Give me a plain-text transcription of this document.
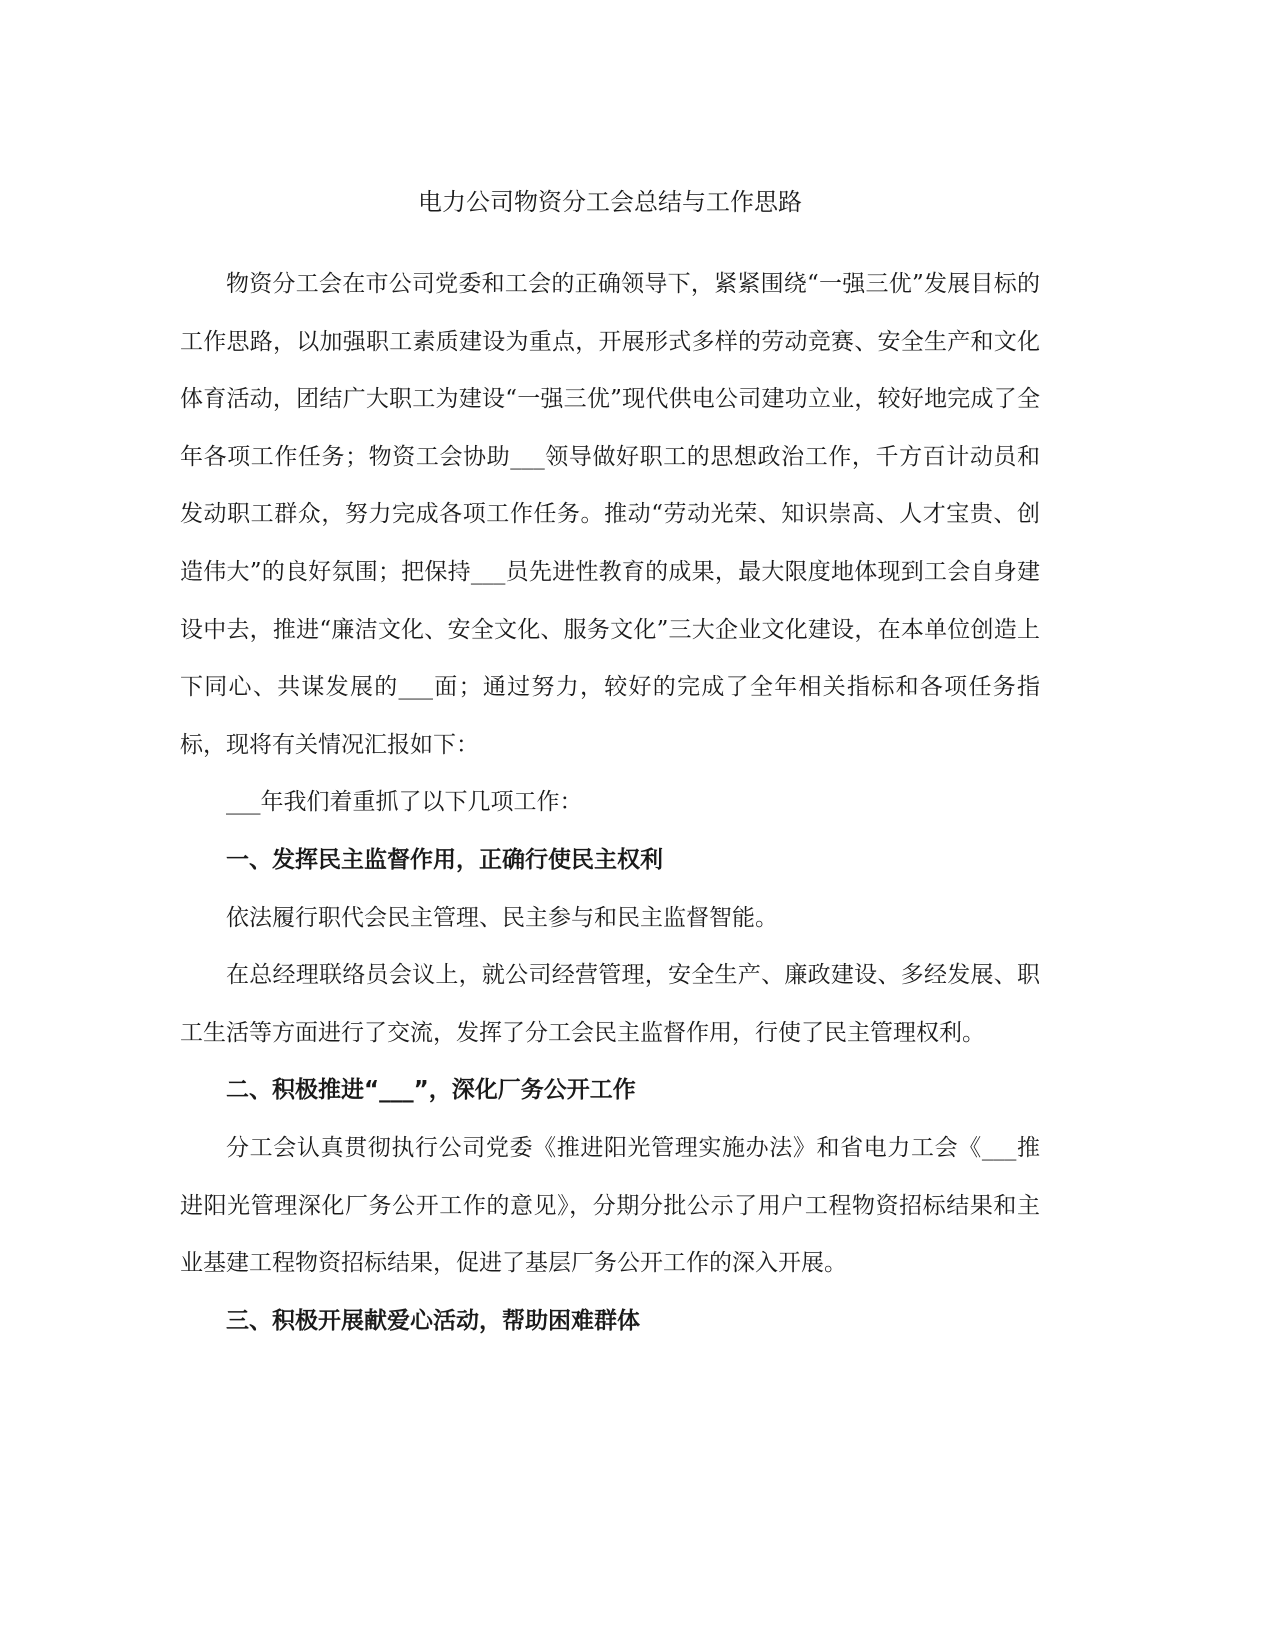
电力公司物资分工会总结与工作思路

物资分工会在市公司党委和工会的正确领导下，紧紧围绕“一强三优”发展目标的工作思路，以加强职工素质建设为重点，开展形式多样的劳动竞赛、安全生产和文化体育活动，团结广大职工为建设“一强三优”现代供电公司建功立业，较好地完成了全年各项工作任务；物资工会协助___领导做好职工的思想政治工作，千方百计动员和发动职工群众，努力完成各项工作任务。推动“劳动光荣、知识崇高、人才宝贵、创造伟大”的良好氛围；把保持___员先进性教育的成果，最大限度地体现到工会自身建设中去，推进“廉洁文化、安全文化、服务文化”三大企业文化建设，在本单位创造上下同心、共谋发展的___面；通过努力，较好的完成了全年相关指标和各项任务指标，现将有关情况汇报如下：

___年我们着重抓了以下几项工作：

一、发挥民主监督作用，正确行使民主权利

依法履行职代会民主管理、民主参与和民主监督智能。

在总经理联络员会议上，就公司经营管理，安全生产、廉政建设、多经发展、职工生活等方面进行了交流，发挥了分工会民主监督作用，行使了民主管理权利。

二、积极推进“___”，深化厂务公开工作

分工会认真贯彻执行公司党委《推进阳光管理实施办法》和省电力工会《___推进阳光管理深化厂务公开工作的意见》，分期分批公示了用户工程物资招标结果和主业基建工程物资招标结果，促进了基层厂务公开工作的深入开展。

三、积极开展献爱心活动，帮助困难群体
